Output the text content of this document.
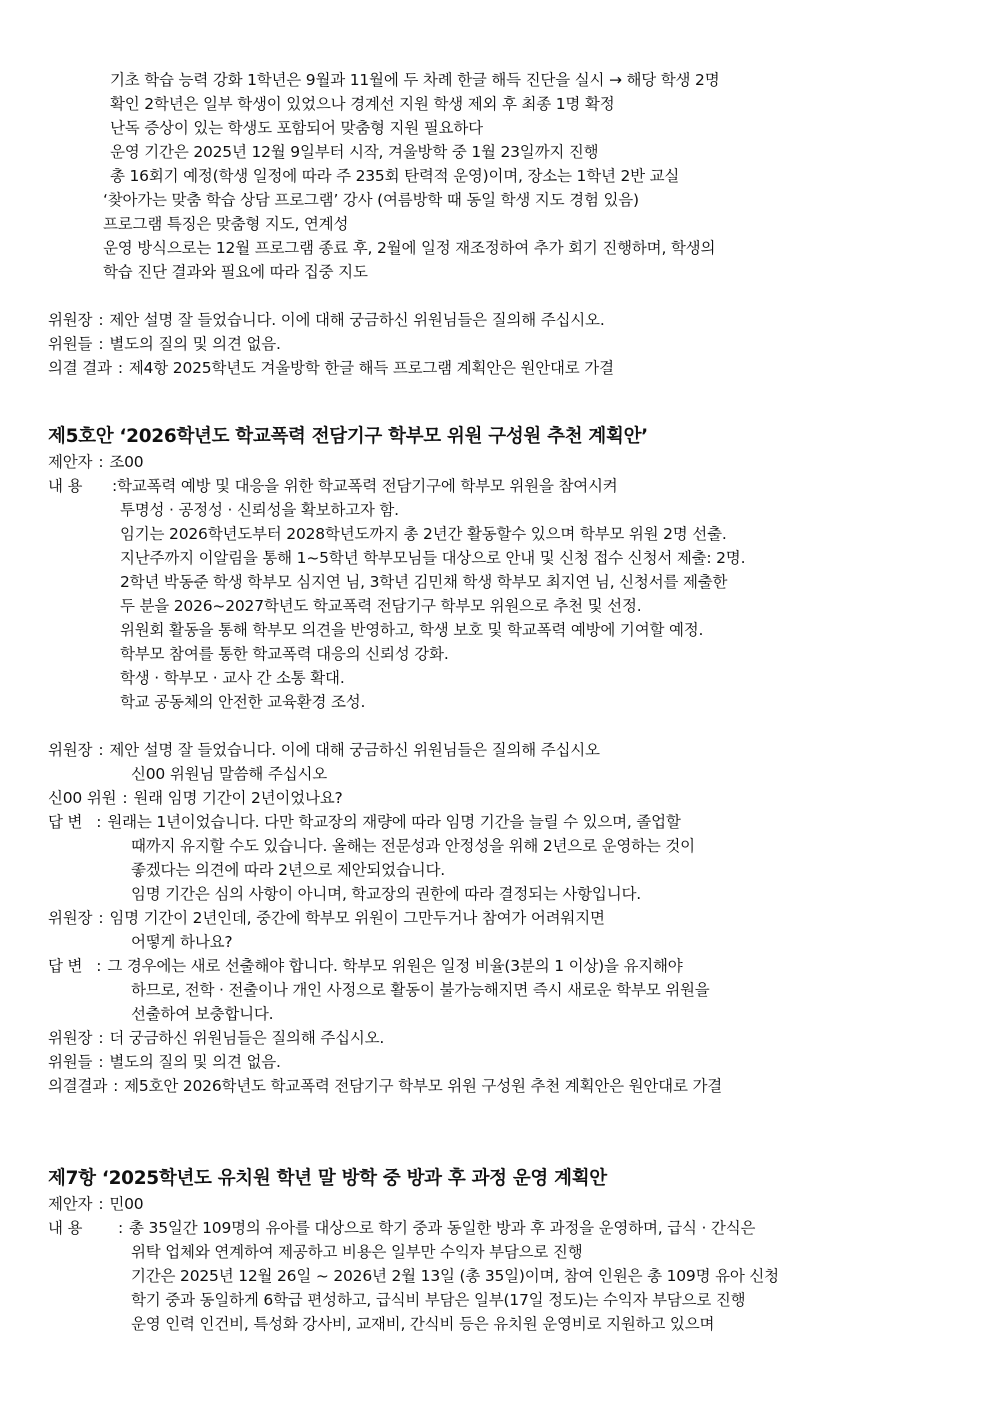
기초 학습 능력 강화 1학년은 9월과 11월에 두 차례 한글 해득 진단을 실시 → 해당 학생 2명
확인 2학년은 일부 학생이 있었으나 경계선 지원 학생 제외 후 최종 1명 확정
난독 증상이 있는 학생도 포함되어 맞춤형 지원 필요하다
운영 기간은 2025년 12월 9일부터 시작, 겨울방학 중 1월 23일까지 진행
총 16회기 예정(학생 일정에 따라 주 235회 탄력적 운영)이며, 장소는 1학년 2반 교실
‘찾아가는 맞춤 학습 상담 프로그램’ 강사 (여름방학 때 동일 학생 지도 경험 있음)
프로그램 특징은 맞춤형 지도, 연계성
운영 방식으로는 12월 프로그램 종료 후, 2월에 일정 재조정하여 추가 회기 진행하며, 학생의
학습 진단 결과와 필요에 따라 집중 지도
위원장 : 제안 설명 잘 들었습니다. 이에 대해 궁금하신 위원님들은 질의해 주십시오.
위원들 : 별도의 질의 및 의견 없음.
의결 결과 : 제4항 2025학년도 겨울방학 한글 해득 프로그램 계획안은 원안대로 가결
제5호안 ‘2026학년도 학교폭력 전담기구 학부모 위원 구성원 추천 계획안’
제안자 : 조00
내 용	:학교폭력 예방 및 대응을 위한 학교폭력 전담기구에 학부모 위원을 참여시켜
투명성 · 공정성 · 신뢰성을 확보하고자 함.
임기는 2026학년도부터 2028학년도까지 총 2년간 활동할수 있으며 학부모 위원 2명 선출.
지난주까지 이알림을 통해 1~5학년 학부모님들 대상으로 안내 및 신청 접수 신청서 제출: 2명.
2학년 박동준 학생 학부모 심지연 님, 3학년 김민채 학생 학부모 최지연 님, 신청서를 제출한
두 분을 2026~2027학년도 학교폭력 전담기구 학부모 위원으로 추천 및 선정.
위원회 활동을 통해 학부모 의견을 반영하고, 학생 보호 및 학교폭력 예방에 기여할 예정.
학부모 참여를 통한 학교폭력 대응의 신뢰성 강화.
학생 · 학부모 · 교사 간 소통 확대.
학교 공동체의 안전한 교육환경 조성.
위원장 : 제안 설명 잘 들었습니다. 이에 대해 궁금하신 위원님들은 질의해 주십시오
신00 위원님 말씀해 주십시오
신00 위원 : 원래 임명 기간이 2년이었나요?
답 변 : 원래는 1년이었습니다. 다만 학교장의 재량에 따라 임명 기간을 늘릴 수 있으며, 졸업할
때까지 유지할 수도 있습니다. 올해는 전문성과 안정성을 위해 2년으로 운영하는 것이
좋겠다는 의견에 따라 2년으로 제안되었습니다.
임명 기간은 심의 사항이 아니며, 학교장의 권한에 따라 결정되는 사항입니다.
위원장 : 임명 기간이 2년인데, 중간에 학부모 위원이 그만두거나 참여가 어려워지면
어떻게 하나요?
답 변 : 그 경우에는 새로 선출해야 합니다. 학부모 위원은 일정 비율(3분의 1 이상)을 유지해야
하므로, 전학 · 전출이나 개인 사정으로 활동이 불가능해지면 즉시 새로운 학부모 위원을
선출하여 보충합니다.
위원장 : 더 궁금하신 위원님들은 질의해 주십시오.
위원들 : 별도의 질의 및 의견 없음.
의결결과 : 제5호안 2026학년도 학교폭력 전담기구 학부모 위원 구성원 추천 계획안은 원안대로 가결
제7항 ‘2025학년도 유치원 학년 말 방학 중 방과 후 과정 운영 계획안
제안자 : 민00
내 용	: 총 35일간 109명의 유아를 대상으로 학기 중과 동일한 방과 후 과정을 운영하며, 급식 · 간식은
위탁 업체와 연계하여 제공하고 비용은 일부만 수익자 부담으로 진행
기간은 2025년 12월 26일 ~ 2026년 2월 13일 (총 35일)이며, 참여 인원은 총 109명 유아 신청
학기 중과 동일하게 6학급 편성하고, 급식비 부담은 일부(17일 정도)는 수익자 부담으로 진행
운영 인력 인건비, 특성화 강사비, 교재비, 간식비 등은 유치원 운영비로 지원하고 있으며
